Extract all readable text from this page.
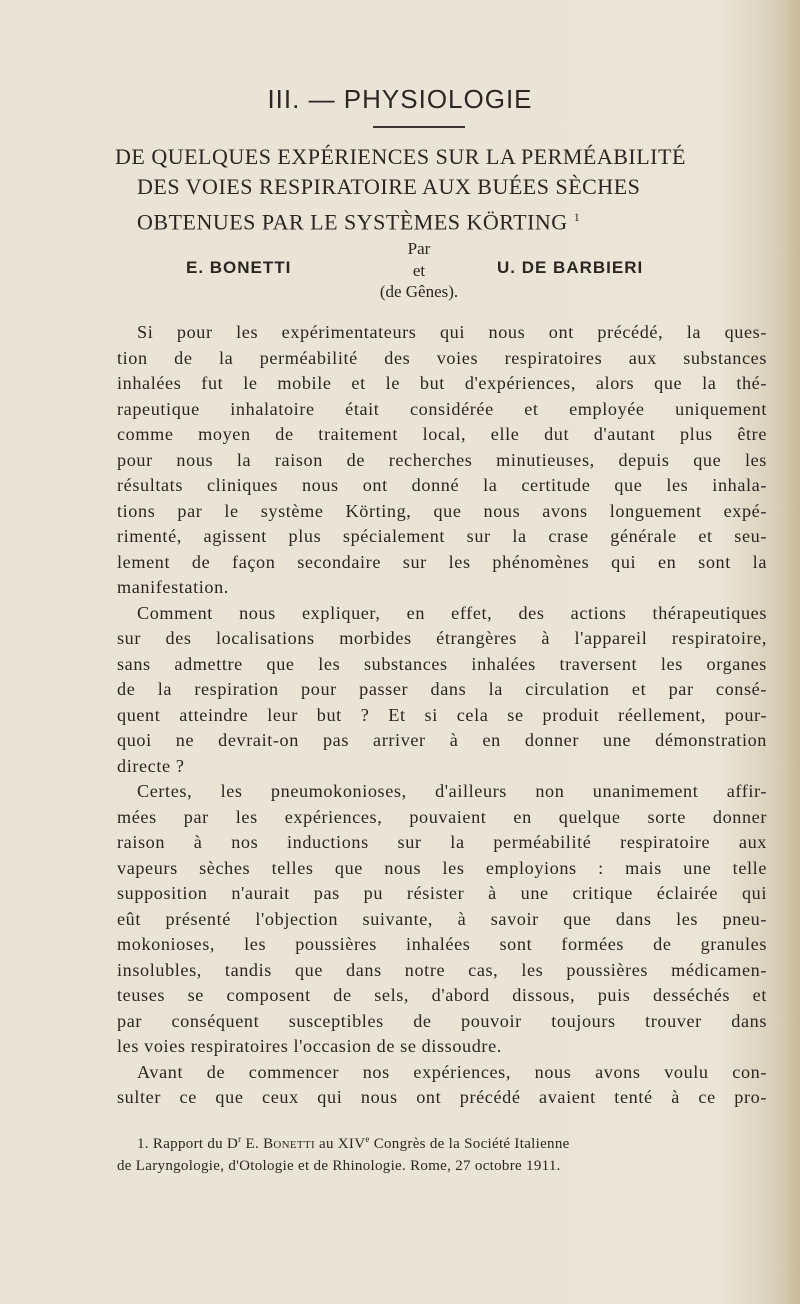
III. — PHYSIOLOGIE
DE QUELQUES EXPÉRIENCES SUR LA PERMÉABILITÉ
DES VOIES RESPIRATOIRE AUX BUÉES SÈCHES
OBTENUES PAR LE SYSTÈMES KÖRTING $^1$
Par
E. BONETTI	et	U. DE BARBIERI
(de Gênes).
Si pour les expérimentateurs qui nous ont précédé, la ques-
tion de la perméabilité des voies respiratoires aux substances
inhalées fut le mobile et le but d'expériences, alors que la thé-
rapeutique inhalatoire était considérée et employée uniquement
comme moyen de traitement local, elle dut d'autant plus être
pour nous la raison de recherches minutieuses, depuis que les
résultats cliniques nous ont donné la certitude que les inhala-
tions par le système Körting, que nous avons longuement expé-
rimenté, agissent plus spécialement sur la crase générale et seu-
lement de façon secondaire sur les phénomènes qui en sont la
manifestation.
Comment nous expliquer, en effet, des actions thérapeutiques
sur des localisations morbides étrangères à l'appareil respiratoire,
sans admettre que les substances inhalées traversent les organes
de la respiration pour passer dans la circulation et par consé-
quent atteindre leur but ? Et si cela se produit réellement, pour-
quoi ne devrait-on pas arriver à en donner une démonstration
directe ?
Certes, les pneumokonioses, d'ailleurs non unanimement affir-
mées par les expériences, pouvaient en quelque sorte donner
raison à nos inductions sur la perméabilité respiratoire aux
vapeurs sèches telles que nous les employions : mais une telle
supposition n'aurait pas pu résister à une critique éclairée qui
eût présenté l'objection suivante, à savoir que dans les pneu-
mokonioses, les poussières inhalées sont formées de granules
insolubles, tandis que dans notre cas, les poussières médicamen-
teuses se composent de sels, d'abord dissous, puis desséchés et
par conséquent susceptibles de pouvoir toujours trouver dans
les voies respiratoires l'occasion de se dissoudre.
Avant de commencer nos expériences, nous avons voulu con-
sulter ce que ceux qui nous ont précédé avaient tenté à ce pro-
1. Rapport du $D^r$ E. Bonetti au XIVe Congrès de la Société Italienne
de Laryngologie, d'Otologie et de Rhinologie. Rome, 27 octobre 1911.
